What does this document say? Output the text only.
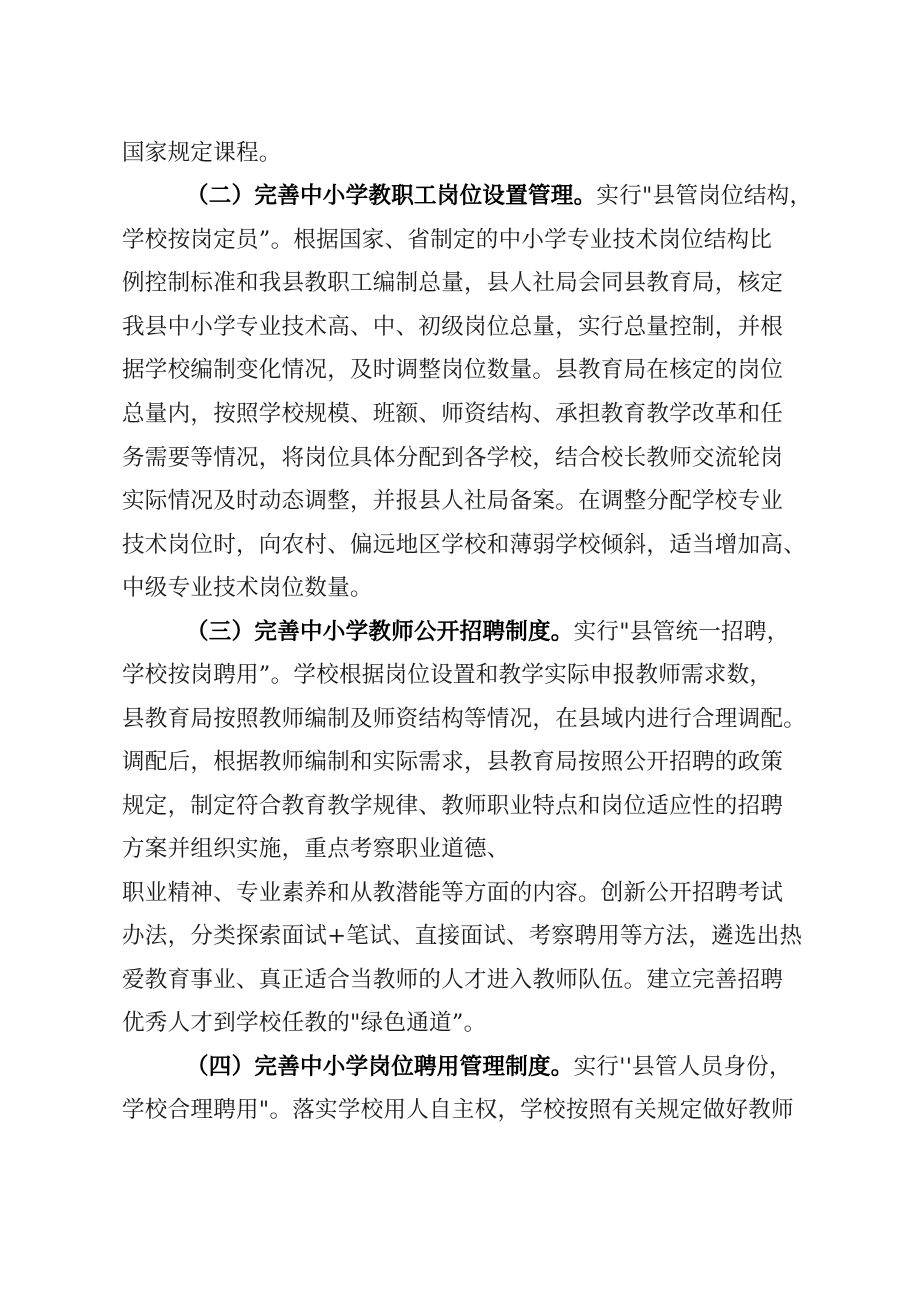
国家规定课程。
（二）完善中小学教职工岗位设置管理。实行"县管岗位结构，
学校按岗定员”。根据国家、省制定的中小学专业技术岗位结构比
例控制标准和我县教职工编制总量，县人社局会同县教育局，核定
我县中小学专业技术高、中、初级岗位总量，实行总量控制，并根
据学校编制变化情况，及时调整岗位数量。县教育局在核定的岗位
总量内，按照学校规模、班额、师资结构、承担教育教学改革和任
务需要等情况，将岗位具体分配到各学校，结合校长教师交流轮岗
实际情况及时动态调整，并报县人社局备案。在调整分配学校专业
技术岗位时，向农村、偏远地区学校和薄弱学校倾斜，适当增加高、
中级专业技术岗位数量。
（三）完善中小学教师公开招聘制度。实行"县管统一招聘，
学校按岗聘用”。学校根据岗位设置和教学实际申报教师需求数，
县教育局按照教师编制及师资结构等情况，在县域内进行合理调配。
调配后，根据教师编制和实际需求，县教育局按照公开招聘的政策
规定，制定符合教育教学规律、教师职业特点和岗位适应性的招聘
方案并组织实施，重点考察职业道德、
职业精神、专业素养和从教潜能等方面的内容。创新公开招聘考试
办法，分类探索面试+笔试、直接面试、考察聘用等方法，遴选出热
爱教育事业、真正适合当教师的人才进入教师队伍。建立完善招聘
优秀人才到学校任教的"绿色通道”。
（四）完善中小学岗位聘用管理制度。实行''县管人员身份，
学校合理聘用"。落实学校用人自主权，学校按照有关规定做好教师
